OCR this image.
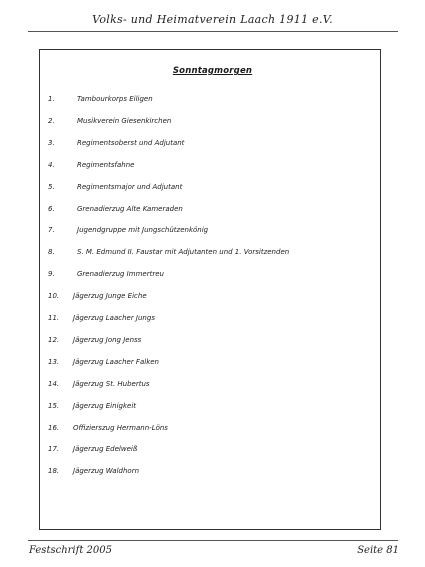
Volks- und Heimatverein Laach 1911 e.V.
Sonntagmorgen
1.	Tambourkorps Eiligen
2.	Musikverein Giesenkirchen
3.	Regimentsoberst und Adjutant
4.	Regimentsfahne
5.	Regimentsmajor und Adjutant
6.	Grenadierzug Alte Kameraden
7.	Jugendgruppe mit Jungschützenkönig
8.	S. M. Edmund II. Faustar mit Adjutanten und 1. Vorsitzenden
9.	Grenadierzug Immertreu
10. Jägerzug Junge Eiche
11. Jägerzug Laacher Jungs
12. Jägerzug Jong Jenss
13. Jägerzug Laacher Falken
14. Jägerzug St. Hubertus
15. Jägerzug Einigkeit
16. Offizierszug Hermann-Löns
17. Jägerzug Edelweiß
18. Jägerzug Waldhorn
Festschrift 2005	Seite 81
